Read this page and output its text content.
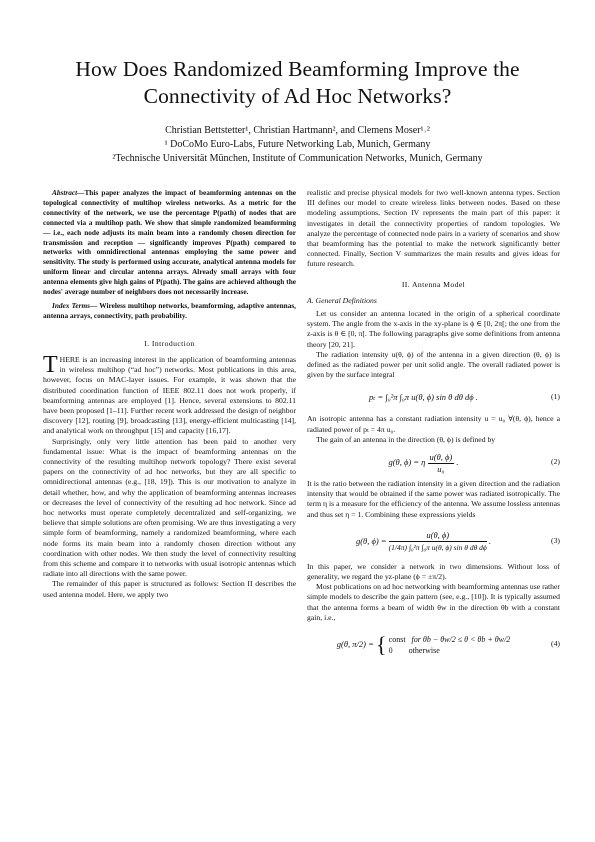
How Does Randomized Beamforming Improve the
Connectivity of Ad Hoc Networks?
Christian Bettstetter¹, Christian Hartmann², and Clemens Moser¹˒²
¹ DoCoMo Euro-Labs, Future Networking Lab, Munich, Germany
²Technische Universität München, Institute of Communication Networks, Munich, Germany

Abstract—This paper analyzes the impact of beamforming antennas on the topological connectivity of multihop wireless networks. As a metric for the connectivity of the network, we use the percentage P(path) of nodes that are connected via a multihop path. We show that simple randomized beamforming — i.e., each node adjusts its main beam into a randomly chosen direction for transmission and reception — significantly improves P(path) compared to networks with omnidirectional antennas employing the same power and sensitivity. The study is performed using accurate, analytical antenna models for uniform linear and circular antenna arrays. Already small arrays with four antenna elements give high gains of P(path). The gains are achieved although the nodes' average number of neighbors does not necessarily increase.

Index Terms— Wireless multihop networks, beamforming, adaptive antennas, antenna arrays, connectivity, path probability.

I. Introduction

THERE is an increasing interest in the application of beamforming antennas in wireless multihop (“ad hoc”) networks. Most publications in this area, however, focus on MAC-layer issues. For example, it was shown that the distributed coordination function of IEEE 802.11 does not work properly, if beamforming antennas are employed [1]. Hence, several extensions to 802.11 have been proposed [1–11]. Further recent work addressed the design of neighbor discovery [12], routing [9], broadcasting [13], energy-efficient multicasting [14], and analytical work on throughput [15] and capacity [16,17].

Surprisingly, only very little attention has been paid to another very fundamental issue: What is the impact of beamforming antennas on the connectivity of the resulting multihop network topology? There exist several papers on the connectivity of ad hoc networks, but they are all specific to omnidirectional antennas (e.g., [18, 19]). This is our motivation to analyze in detail whether, how, and why the application of beamforming antennas increases or decreases the level of connectivity of the resulting ad hoc network. Since ad hoc networks must operate completely decentralized and self-organizing, we believe that simple solutions are often promising. We are thus investigating a very simple form of beamforming, namely a randomized beamforming, where each node forms its main beam into a randomly chosen direction without any coordination with other nodes. We then study the level of connectivity resulting from this scheme and compare it to networks with usual isotropic antennas which radiate into all directions with the same power.

The remainder of this paper is structured as follows: Section II describes the used antenna model. Here, we apply two

realistic and precise physical models for two well-known antenna types. Section III defines our model to create wireless links between nodes. Based on these modeling assumptions, Section IV represents the main part of this paper: it investigates in detail the connectivity properties of random topologies. We analyze the percentage of connected node pairs in a variety of scenarios and show that beamforming has the potential to make the network significantly better connected. Finally, Section V summarizes the main results and gives ideas for future research.

II. Antenna Model
A. General Definitions

Let us consider an antenna located in the origin of a spherical coordinate system. The angle from the x-axis in the xy-plane is ϕ ∈ [0, 2π[; the one from the z-axis is θ ∈ [0, π[. The following paragraphs give some definitions from antenna theory [20, 21].

The radiation intensity u(θ, ϕ) of the antenna in a given direction (θ, ϕ) is defined as the radiated power per unit solid angle. The overall radiated power is given by the surface integral

pₜ = ∫₀²π ∫₀π u(θ, ϕ) sin θ dθ dϕ .	(1)

An isotropic antenna has a constant radiation intensity u = u₀ ∀(θ, ϕ), hence a radiated power of pₜ = 4π u₀.

The gain of an antenna in the direction (θ, ϕ) is defined by

g(θ, ϕ) = η $\frac{u(\theta, \phi)}{\text{u₀}}$ .	(2)

It is the ratio between the radiation intensity in a given direction and the radiation intensity that would be obtained if the same power was radiated isotropically. The term η is a measure for the efficiency of the antenna. We assume lossless antennas and thus set η = 1. Combining these expressions yields

g(θ, $\phi) = \frac{u(\theta, \phi)}{\text{(1/4π) ∫₀²π ∫₀π u(θ, ϕ) sin θ dθ dϕ}}$ .	(3)

In this paper, we consider a network in two dimensions. Without loss of generality, we regard the yz-plane (ϕ = ±π/2).

Most publications on ad hoc networking with beamforming antennas use rather simple models to describe the gain pattern (see, e.g., [10]). It is typically assumed that the antenna forms a beam of width θw in the direction θb with a constant gain, i.e.,

g(θ, π/2) = { const for θb − θw/2 ≤ θ < θb + θw/2
0 otherwise
(4)
